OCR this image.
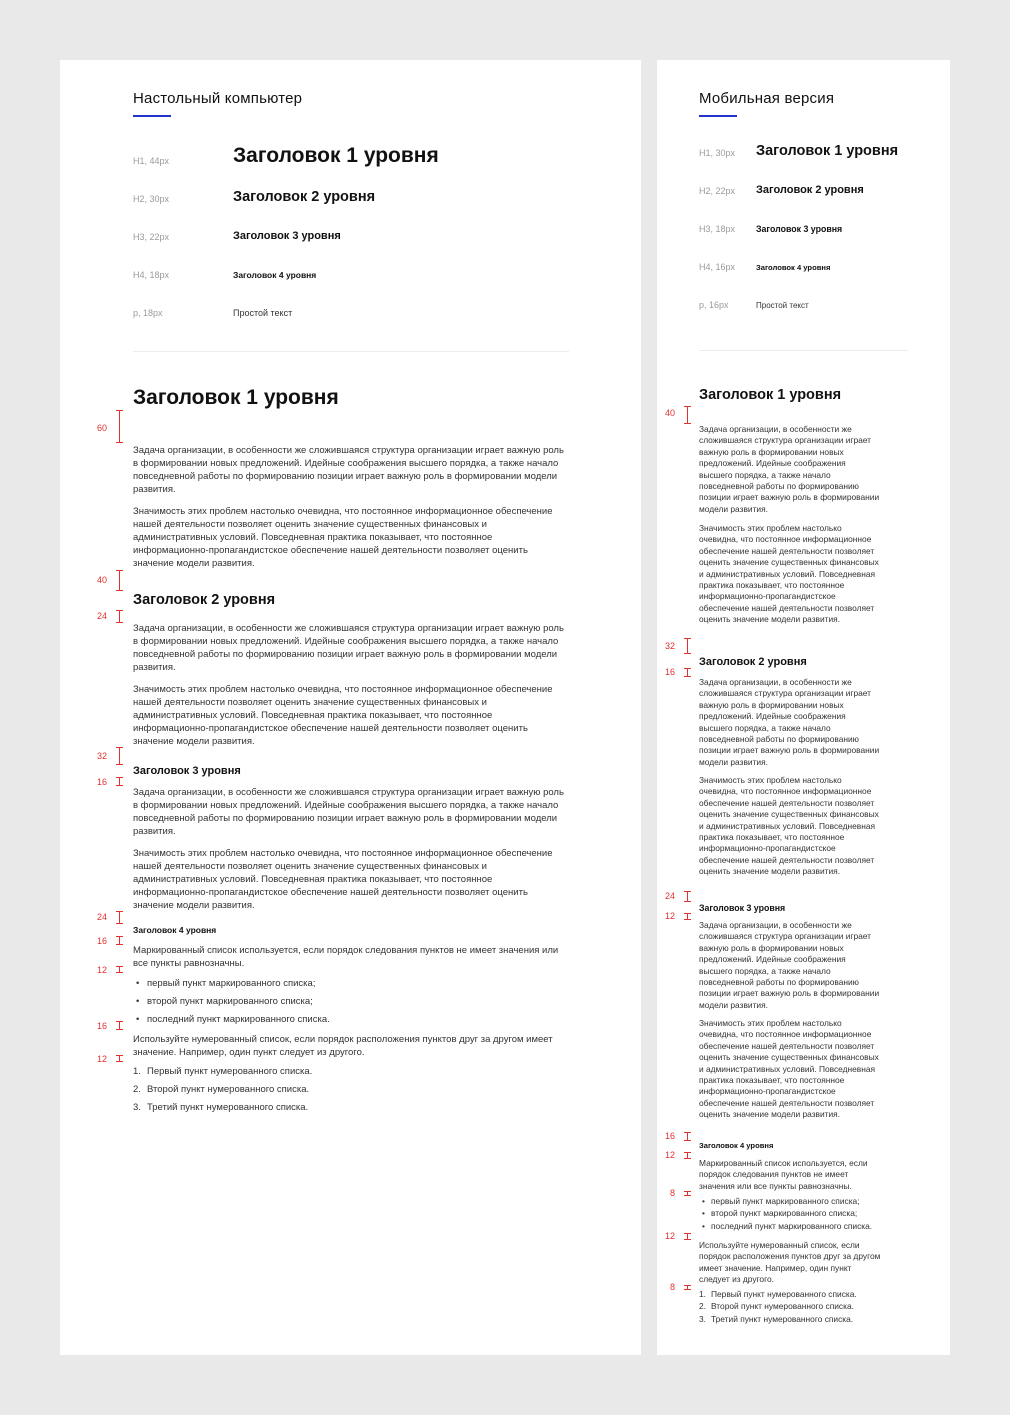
Настольный компьютер
H1, 44px	Заголовок 1 уровня
H2, 30px	Заголовок 2 уровня
H3, 22px	Заголовок 3 уровня
H4, 18px	Заголовок 4 уровня
p, 18px	Простой текст
Заголовок 1 уровня
Задача организации, в особенности же сложившаяся структура организации играет важную роль в формировании новых предложений. Идейные соображения высшего порядка, а также начало повседневной работы по формированию позиции играет важную роль в формировании модели развития.
Значимость этих проблем настолько очевидна, что постоянное информационное обеспечение нашей деятельности позволяет оценить значение существенных финансовых и административных условий. Повседневная практика показывает, что постоянное информационно-пропагандистское обеспечение нашей деятельности позволяет оценить значение модели развития.
Заголовок 2 уровня
Задача организации, в особенности же сложившаяся структура организации играет важную роль в формировании новых предложений. Идейные соображения высшего порядка, а также начало повседневной работы по формированию позиции играет важную роль в формировании модели развития.
Значимость этих проблем настолько очевидна, что постоянное информационное обеспечение нашей деятельности позволяет оценить значение существенных финансовых и административных условий. Повседневная практика показывает, что постоянное информационно-пропагандистское обеспечение нашей деятельности позволяет оценить значение модели развития.
Заголовок 3 уровня
Задача организации, в особенности же сложившаяся структура организации играет важную роль в формировании новых предложений. Идейные соображения высшего порядка, а также начало повседневной работы по формированию позиции играет важную роль в формировании модели развития.
Значимость этих проблем настолько очевидна, что постоянное информационное обеспечение нашей деятельности позволяет оценить значение существенных финансовых и административных условий. Повседневная практика показывает, что постоянное информационно-пропагандистское обеспечение нашей деятельности позволяет оценить значение модели развития.
Заголовок 4 уровня
Маркированный список используется, если порядок следования пунктов не имеет значения или все пункты равнозначны.
• первый пункт маркированного списка;
• второй пункт маркированного списка;
• последний пункт маркированного списка.
Используйте нумерованный список, если порядок расположения пунктов друг за другом имеет значение. Например, один пункт следует из другого.
1. Первый пункт нумерованного списка.
2. Второй пункт нумерованного списка.
3. Третий пункт нумерованного списка.
60
40
24
32
16
24
16
12
16
12
Мобильная версия
H1, 30px Заголовок 1 уровня
H2, 22px Заголовок 2 уровня
H3, 18px Заголовок 3 уровня
H4, 16px	Заголовок 4 уровня
p, 16px	Простой текст
Заголовок 1 уровня
Задача организации, в особенности же сложившаяся структура организации играет важную роль в формировании новых предложений. Идейные соображения высшего порядка, а также начало повседневной работы по формированию позиции играет важную роль в формировании модели развития.
Значимость этих проблем настолько очевидна, что постоянное информационное обеспечение нашей деятельности позволяет оценить значение существенных финансовых и административных условий. Повседневная практика показывает, что постоянное информационно-пропагандистское обеспечение нашей деятельности позволяет оценить значение модели развития.
Заголовок 2 уровня
Задача организации, в особенности же сложившаяся структура организации играет важную роль в формировании новых предложений. Идейные соображения высшего порядка, а также начало повседневной работы по формированию позиции играет важную роль в формировании модели развития.
Значимость этих проблем настолько очевидна, что постоянное информационное обеспечение нашей деятельности позволяет оценить значение существенных финансовых и административных условий. Повседневная практика показывает, что постоянное информационно-пропагандистское обеспечение нашей деятельности позволяет оценить значение модели развития.
Заголовок 3 уровня
Задача организации, в особенности же сложившаяся структура организации играет важную роль в формировании новых предложений. Идейные соображения высшего порядка, а также начало повседневной работы по формированию позиции играет важную роль в формировании модели развития.
Значимость этих проблем настолько очевидна, что постоянное информационное обеспечение нашей деятельности позволяет оценить значение существенных финансовых и административных условий. Повседневная практика показывает, что постоянное информационно-пропагандистское обеспечение нашей деятельности позволяет оценить значение модели развития.
Заголовок 4 уровня
Маркированный список используется, если порядок следования пунктов не имеет значения или все пункты равнозначны.
• первый пункт маркированного списка;
• второй пункт маркированного списка;
• последний пункт маркированного списка.
Используйте нумерованный список, если порядок расположения пунктов друг за другом имеет значение. Например, один пункт следует из другого.
1. Первый пункт нумерованного списка.
2. Второй пункт нумерованного списка.
3. Третий пункт нумерованного списка.
40
32
16
24
12
16
12
8
12
8
